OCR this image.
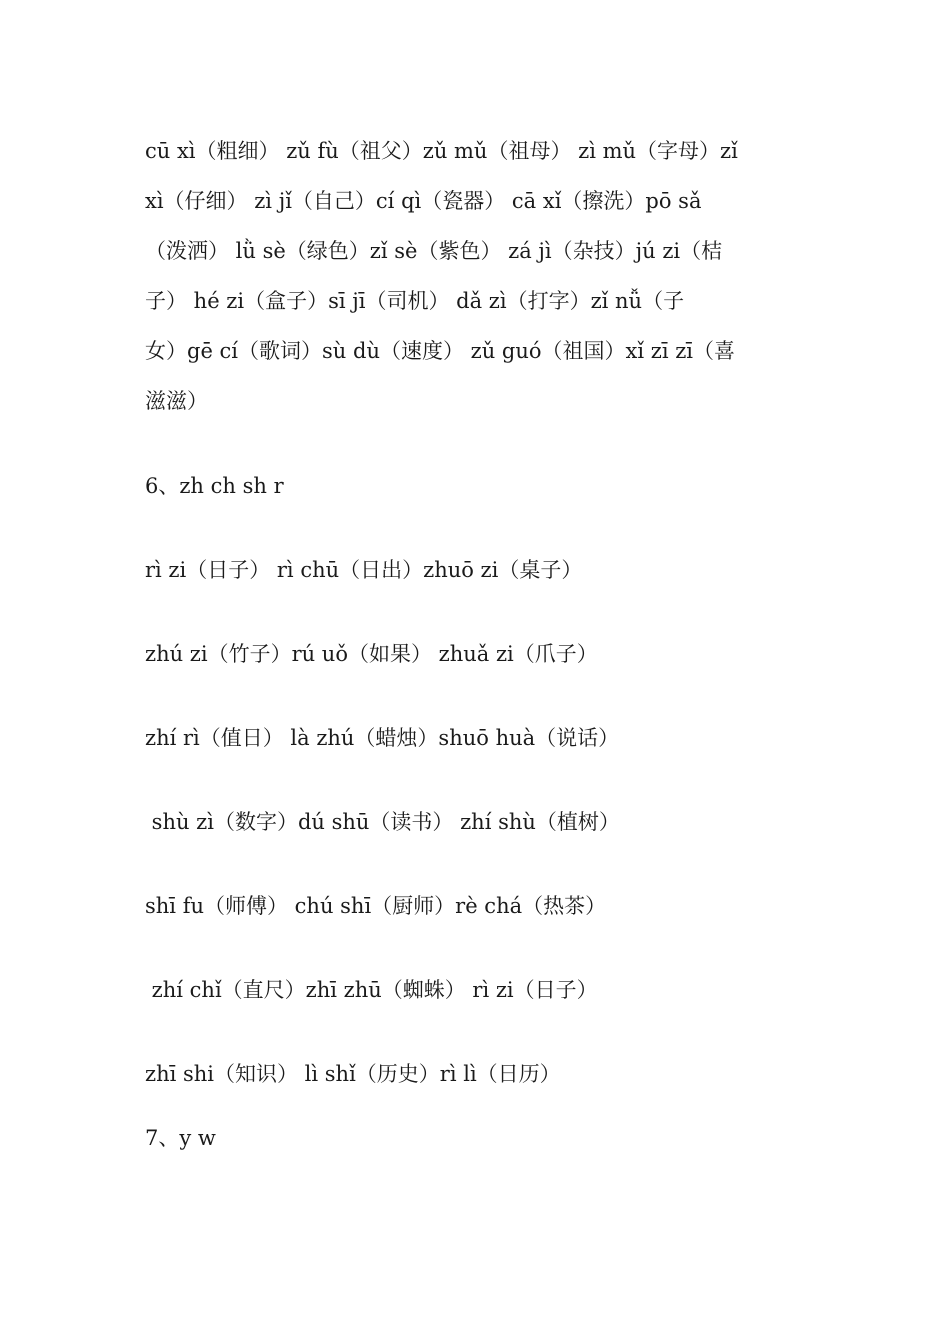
cū xì（粗细） zǔ fù（祖父）zǔ mǔ（祖母） zì mǔ（字母）zǐ
xì（仔细） zì jǐ（自己）cí qì（瓷器） cā xǐ（擦洗）pō sǎ
（泼洒） lǜ sè（绿色）zǐ sè（紫色） zá jì（杂技）jú zi（桔
子） hé zi（盒子）sī jī（司机） dǎ zì（打字）zǐ nǚ（子
女）gē cí（歌词）sù dù（速度） zǔ guó（祖国）xǐ zī zī（喜
滋滋）

6、zh ch sh r

rì zi（日子） rì chū（日出）zhuō zi（桌子）

zhú zi（竹子）rú uǒ（如果） zhuǎ zi（爪子）

zhí rì（值日） là zhú（蜡烛）shuō huà（说话）

shù zì（数字）dú shū（读书） zhí shù（植树）

shī fu（师傅） chú shī（厨师）rè chá（热茶）

zhí chǐ（直尺）zhī zhū（蜘蛛） rì zi（日子）

zhī shi（知识） lì shǐ（历史）rì lì（日历）

7、y w
